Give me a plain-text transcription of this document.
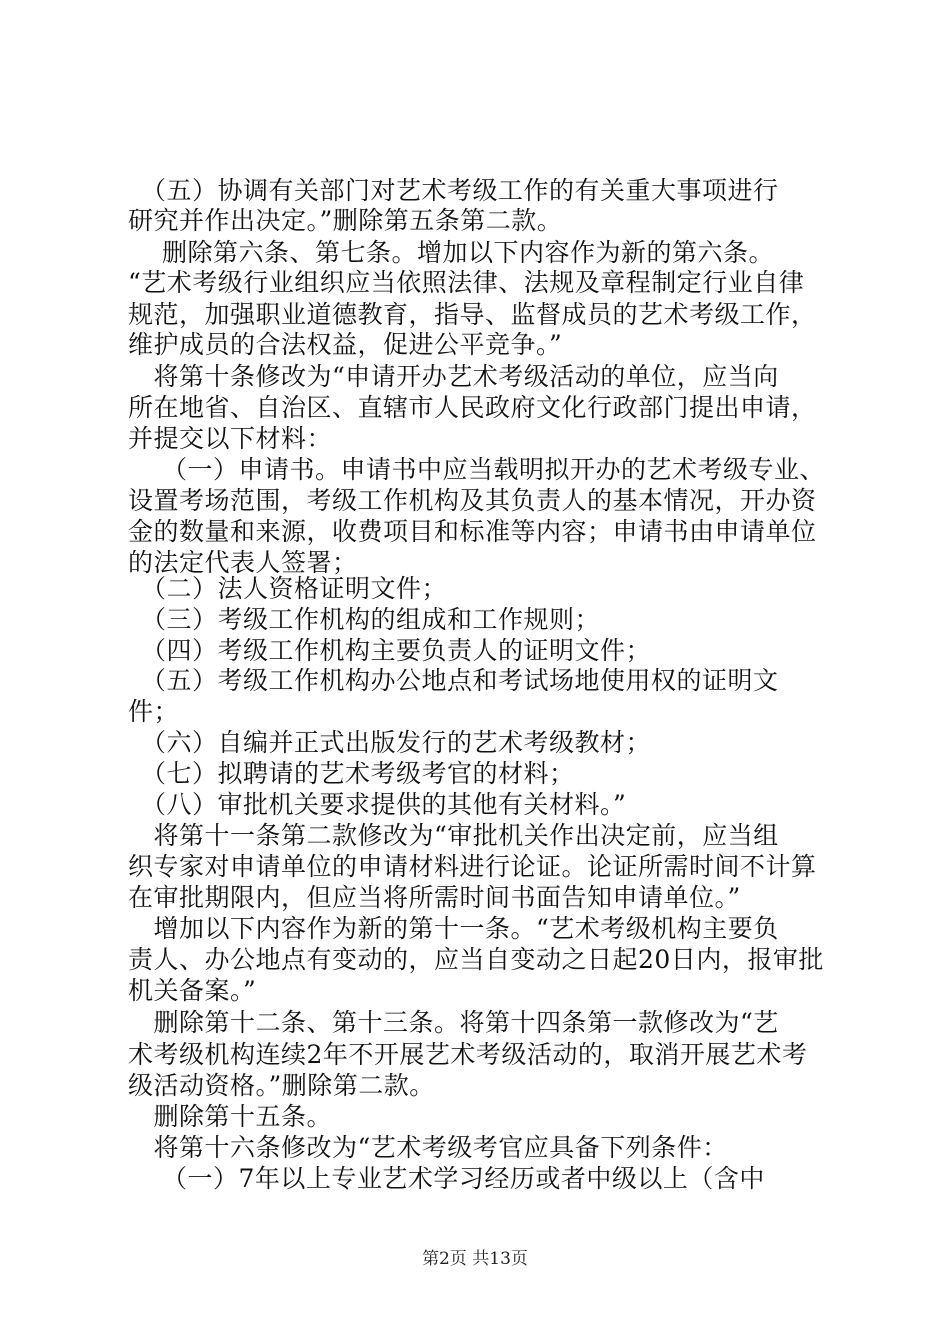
　（五）协调有关部门对艺术考级工作的有关重大事项进行
研究并作出决定。”删除第五条第二款。
　 删除第六条、第七条。增加以下内容作为新的第六条。
“艺术考级行业组织应当依照法律、法规及章程制定行业自律
规范，加强职业道德教育，指导、监督成员的艺术考级工作，
维护成员的合法权益，促进公平竞争。”
　将第十条修改为“申请开办艺术考级活动的单位，应当向
所在地省、自治区、直辖市人民政府文化行政部门提出申请，
并提交以下材料：
　 （一）申请书。申请书中应当载明拟开办的艺术考级专业、
设置考场范围，考级工作机构及其负责人的基本情况，开办资
金的数量和来源，收费项目和标准等内容；申请书由申请单位
的法定代表人签署；
　（二）法人资格证明文件；
　（三）考级工作机构的组成和工作规则；
　（四）考级工作机构主要负责人的证明文件；
　（五）考级工作机构办公地点和考试场地使用权的证明文
件；
　（六）自编并正式出版发行的艺术考级教材；
　（七）拟聘请的艺术考级考官的材料；
　（八）审批机关要求提供的其他有关材料。”
　将第十一条第二款修改为“审批机关作出决定前，应当组
织专家对申请单位的申请材料进行论证。论证所需时间不计算
在审批期限内，但应当将所需时间书面告知申请单位。”
　增加以下内容作为新的第十一条。“艺术考级机构主要负
责人、办公地点有变动的，应当自变动之日起20日内，报审批
机关备案。”
　删除第十二条、第十三条。将第十四条第一款修改为“艺
术考级机构连续2年不开展艺术考级活动的，取消开展艺术考
级活动资格。”删除第二款。
　删除第十五条。
　将第十六条修改为“艺术考级考官应具备下列条件：
　 （一）7年以上专业艺术学习经历或者中级以上（含中
第2页 共13页
